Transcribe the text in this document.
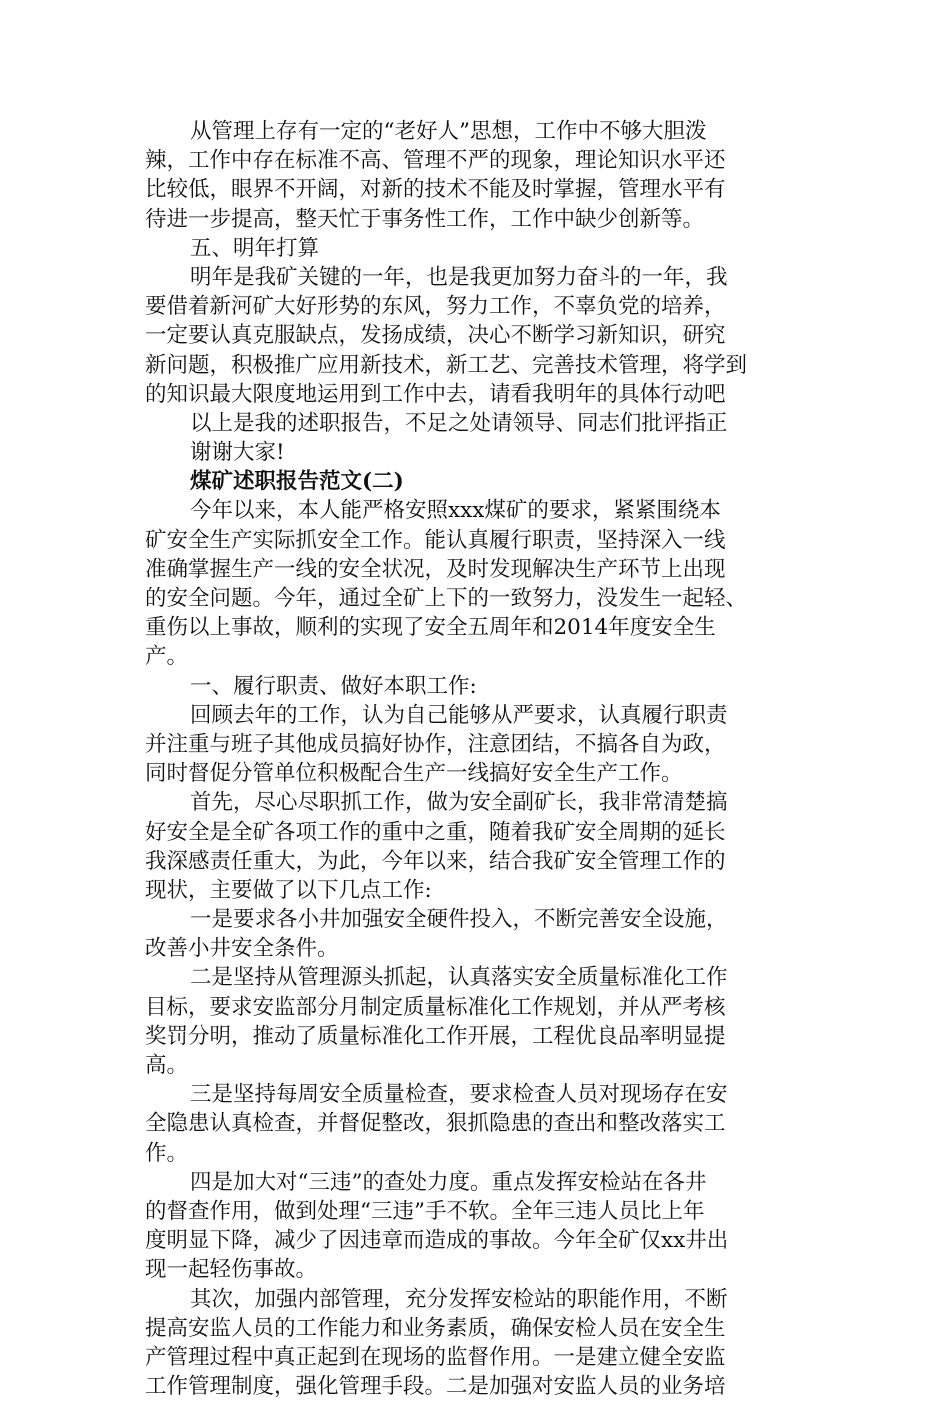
从管理上存有一定的“老好人”思想，工作中不够大胆泼
辣，工作中存在标准不高、管理不严的现象，理论知识水平还
比较低，眼界不开阔，对新的技术不能及时掌握，管理水平有
待进一步提高，整天忙于事务性工作，工作中缺少创新等。
五、明年打算
明年是我矿关键的一年，也是我更加努力奋斗的一年，我
要借着新河矿大好形势的东风，努力工作，不辜负党的培养，
一定要认真克服缺点，发扬成绩，决心不断学习新知识，研究
新问题，积极推广应用新技术，新工艺、完善技术管理，将学到
的知识最大限度地运用到工作中去，请看我明年的具体行动吧
以上是我的述职报告，不足之处请领导、同志们批评指正
谢谢大家!
煤矿述职报告范文(二)
今年以来，本人能严格安照xxx煤矿的要求，紧紧围绕本
矿安全生产实际抓安全工作。能认真履行职责，坚持深入一线
准确掌握生产一线的安全状况，及时发现解决生产环节上出现
的安全问题。今年，通过全矿上下的一致努力，没发生一起轻、
重伤以上事故，顺利的实现了安全五周年和2014年度安全生
产。
一、履行职责、做好本职工作:
回顾去年的工作，认为自己能够从严要求，认真履行职责
并注重与班子其他成员搞好协作，注意团结，不搞各自为政，
同时督促分管单位积极配合生产一线搞好安全生产工作。
首先，尽心尽职抓工作，做为安全副矿长，我非常清楚搞
好安全是全矿各项工作的重中之重，随着我矿安全周期的延长
我深感责任重大，为此，今年以来，结合我矿安全管理工作的
现状，主要做了以下几点工作:
一是要求各小井加强安全硬件投入，不断完善安全设施，
改善小井安全条件。
二是坚持从管理源头抓起，认真落实安全质量标准化工作
目标，要求安监部分月制定质量标准化工作规划，并从严考核
奖罚分明，推动了质量标准化工作开展，工程优良品率明显提
高。
三是坚持每周安全质量检查，要求检查人员对现场存在安
全隐患认真检查，并督促整改，狠抓隐患的查出和整改落实工
作。
四是加大对“三违”的查处力度。重点发挥安检站在各井
的督查作用，做到处理“三违”手不软。全年三违人员比上年
度明显下降，减少了因违章而造成的事故。今年全矿仅xx井出
现一起轻伤事故。
其次，加强内部管理，充分发挥安检站的职能作用，不断
提高安监人员的工作能力和业务素质，确保安检人员在安全生
产管理过程中真正起到在现场的监督作用。一是建立健全安监
工作管理制度，强化管理手段。二是加强对安监人员的业务培
